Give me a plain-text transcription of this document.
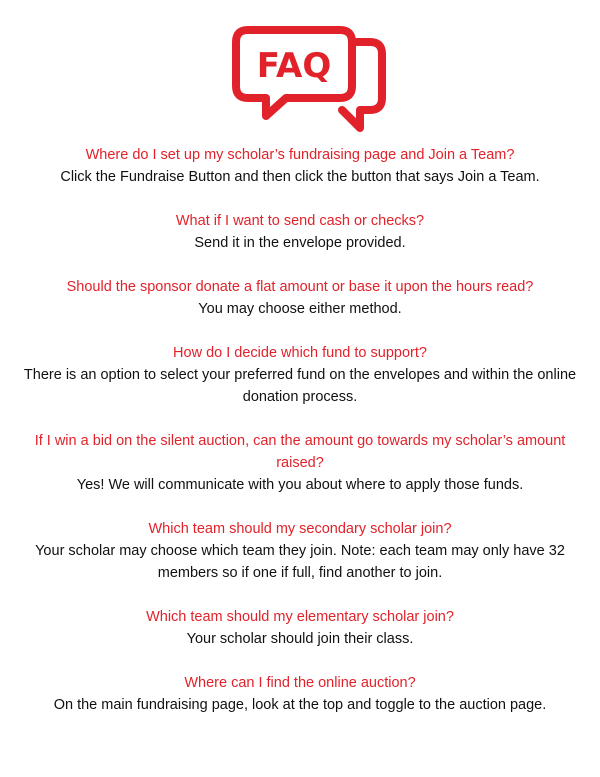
FAQ

Where do I set up my scholar’s fundraising page and Join a Team?

Click the Fundraise Button and then click the button that says Join a Team.

What if I want to send cash or checks?

Send it in the envelope provided.

Should the sponsor donate a flat amount or base it upon the hours read?

You may choose either method.

How do I decide which fund to support?

There is an option to select your preferred fund on the envelopes and within the online donation process.

If I win a bid on the silent auction, can the amount go towards my scholar’s amount raised?

Yes! We will communicate with you about where to apply those funds.

Which team should my secondary scholar join?

Your scholar may choose which team they join. Note: each team may only have 32 members so if one if full, find another to join.

Which team should my elementary scholar join?

Your scholar should join their class.

Where can I find the online auction?

On the main fundraising page, look at the top and toggle to the auction page.
